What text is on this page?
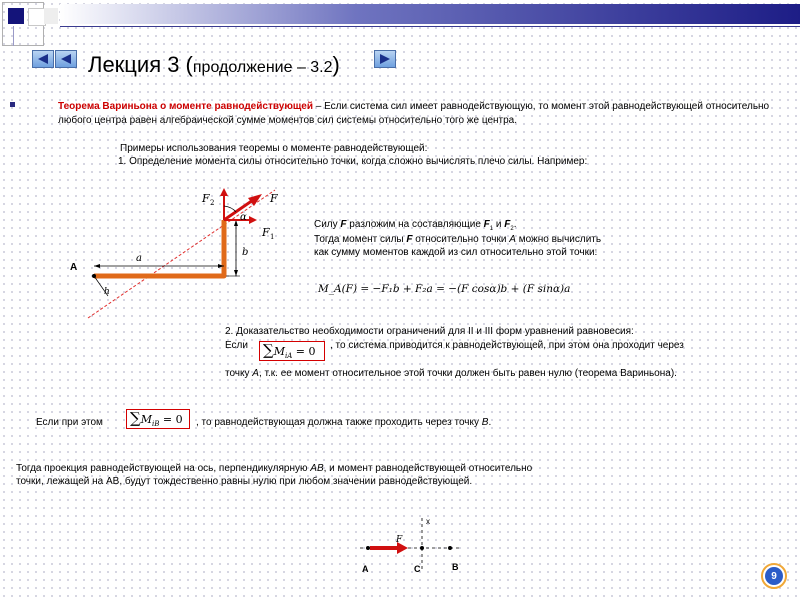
Лекция 3 (продолжение – 3.2)
Теорема Вариньона о моменте равнодействующей – Если система сил имеет равнодействующую, то момент этой равнодействующей относительно любого центра равен алгебраической сумме моментов сил системы относительно того же центра.
Примеры использования теоремы о моменте равнодействующей:
1. Определение момента силы относительно точки, когда сложно вычислять плечо силы. Например:
A
a
b
h
α
F
F 1
F 2
Силу F разложим на составляющие $F_1$ и $F_2$.
Тогда момент силы F относительно точки A можно вычислить
как сумму моментов каждой из сил относительно этой точки:
M_A(F) = −F₁b + F₂a = −(F cosα)b + (F sinα)a
2. Доказательство необходимости ограничений для II и III форм уравнений равновесия:
Если $\sum M_{iA} = 0$	, то система приводится к равнодействующей, при этом она проходит через
точку А, т.к. ее момент относительное этой точки должен быть равен нулю (теорема Вариньона).
Если при этом $\sum M_{iB} = 0$	, то равнодействующая должна также проходить через точку В.
Тогда проекция равнодействующей на ось, перпендикулярную АВ, и момент равнодействующей относительно
точки, лежащей на АВ, будут тождественно равны нулю при любом значении равнодействующей.
F
x
A	C	B
9
